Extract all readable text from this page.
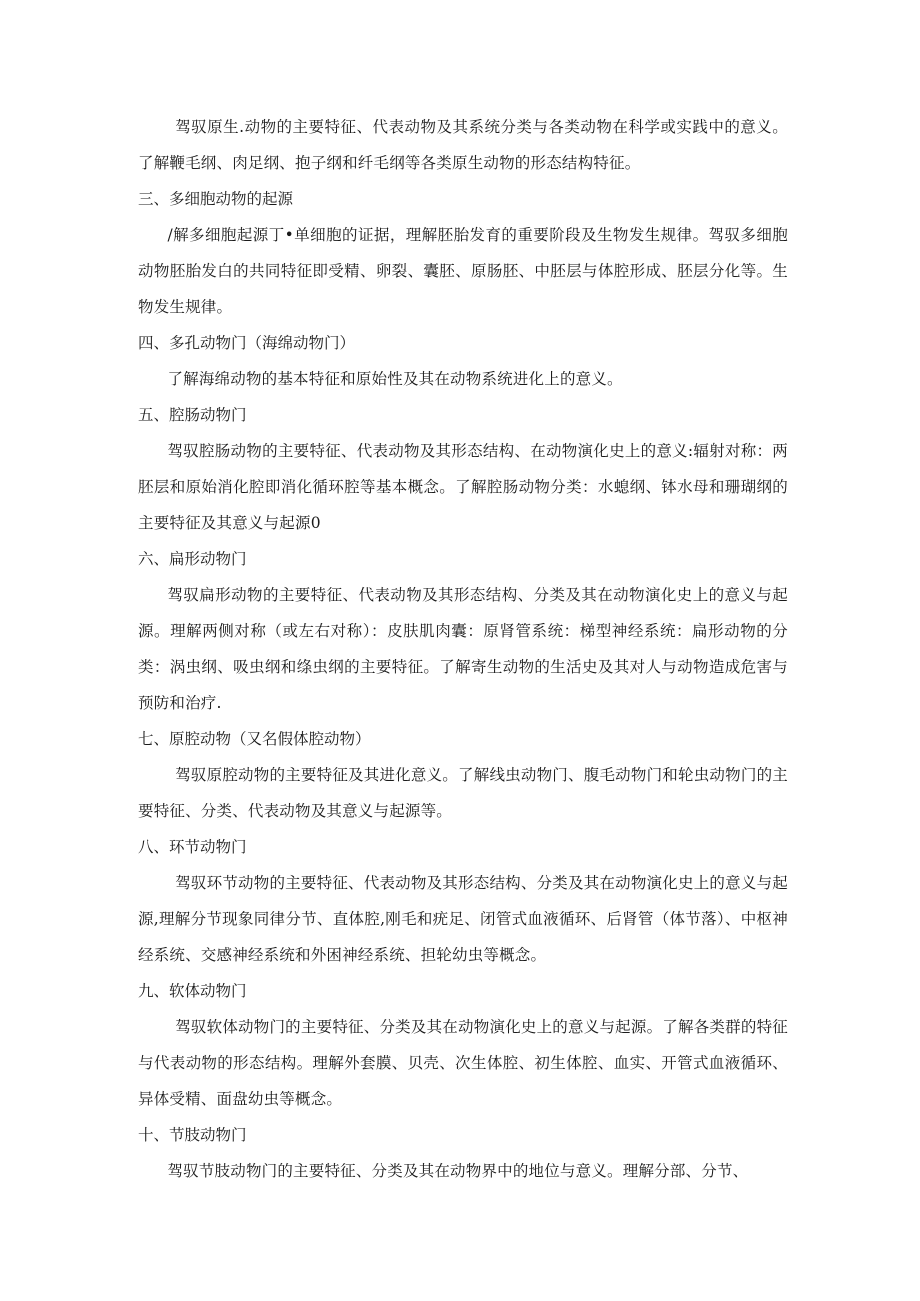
驾驭原生.动物的主要特征、代表动物及其系统分类与各类动物在科学或实践中的意义。了解鞭毛纲、肉足纲、抱子纲和纤毛纲等各类原生动物的形态结构特征。

三、多细胞动物的起源

/解多细胞起源丁•单细胞的证据，理解胚胎发育的重要阶段及生物发生规律。驾驭多细胞动物胚胎发白的共同特征即受精、卵裂、囊胚、原肠胚、中胚层与体腔形成、胚层分化等。生物发生规律。

四、多孔动物门（海绵动物门）

了解海绵动物的基本特征和原始性及其在动物系统进化上的意义。

五、腔肠动物门

驾驭腔肠动物的主要特征、代表动物及其形态结构、在动物演化史上的意义:辐射对称：两胚层和原始消化腔即消化循环腔等基本概念。了解腔肠动物分类：水螅纲、钵水母和珊瑚纲的主要特征及其意义与起源0

六、扁形动物门

驾驭扁形动物的主要特征、代表动物及其形态结构、分类及其在动物演化史上的意义与起源。理解两侧对称（或左右对称）：皮肤肌肉囊：原肾管系统：梯型神经系统：扁形动物的分类：涡虫纲、吸虫纲和绦虫纲的主要特征。了解寄生动物的生活史及其对人与动物造成危害与预防和治疗.

七、原腔动物（又名假体腔动物）

驾驭原腔动物的主要特征及其进化意义。了解线虫动物门、腹毛动物门和轮虫动物门的主要特征、分类、代表动物及其意义与起源等。

八、环节动物门

驾驭环节动物的主要特征、代表动物及其形态结构、分类及其在动物演化史上的意义与起源,理解分节现象同律分节、直体腔,刚毛和疣足、闭管式血液循环、后肾管（体节落）、中枢神经系统、交感神经系统和外困神经系统、担轮幼虫等概念。

九、软体动物门

驾驭软体动物门的主要特征、分类及其在动物演化史上的意义与起源。了解各类群的特征与代表动物的形态结构。理解外套膜、贝壳、次生体腔、初生体腔、血实、开管式血液循环、异体受精、面盘幼虫等概念。

十、节肢动物门

驾驭节肢动物门的主要特征、分类及其在动物界中的地位与意义。理解分部、分节、
